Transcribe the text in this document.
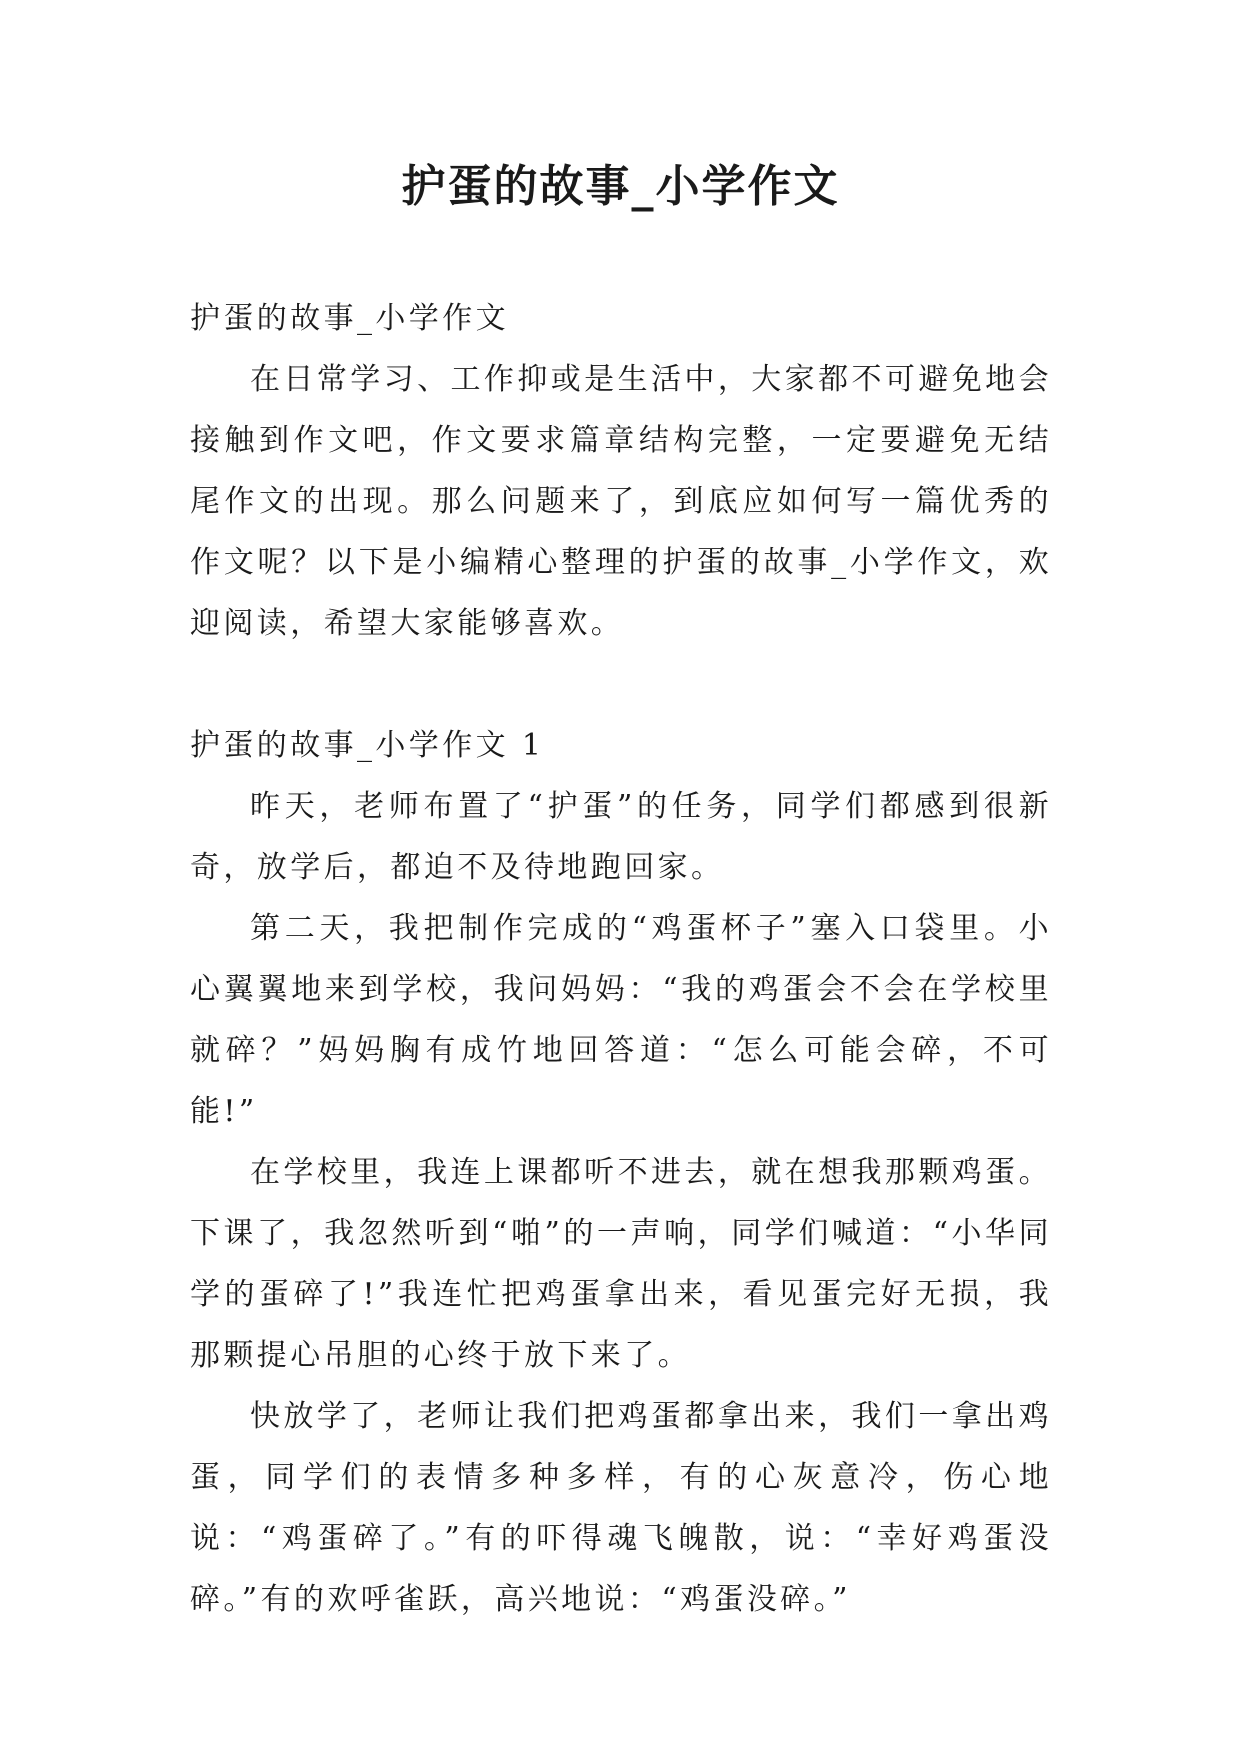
护蛋的故事_小学作文

护蛋的故事_小学作文

在日常学习、工作抑或是生活中，大家都不可避免地会接触到作文吧，作文要求篇章结构完整，一定要避免无结尾作文的出现。那么问题来了，到底应如何写一篇优秀的作文呢？以下是小编精心整理的护蛋的故事_小学作文，欢迎阅读，希望大家能够喜欢。

护蛋的故事_小学作文 1

昨天，老师布置了“护蛋”的任务，同学们都感到很新奇，放学后，都迫不及待地跑回家。

第二天，我把制作完成的“鸡蛋杯子”塞入口袋里。小心翼翼地来到学校，我问妈妈：“我的鸡蛋会不会在学校里就碎？”妈妈胸有成竹地回答道：“怎么可能会碎，不可能!”

在学校里，我连上课都听不进去，就在想我那颗鸡蛋。下课了，我忽然听到“啪”的一声响，同学们喊道：“小华同学的蛋碎了!”我连忙把鸡蛋拿出来，看见蛋完好无损，我那颗提心吊胆的心终于放下来了。

快放学了，老师让我们把鸡蛋都拿出来，我们一拿出鸡蛋，同学们的表情多种多样，有的心灰意冷，伤心地说：“鸡蛋碎了。”有的吓得魂飞魄散，说：“幸好鸡蛋没碎。”有的欢呼雀跃，高兴地说：“鸡蛋没碎。”
